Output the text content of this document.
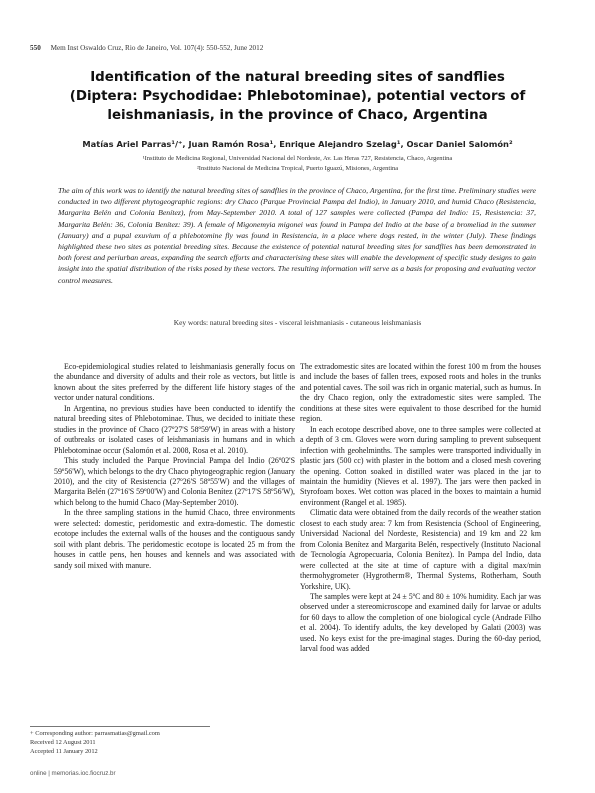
550 Mem Inst Oswaldo Cruz, Rio de Janeiro, Vol. 107(4): 550-552, June 2012
Identification of the natural breeding sites of sandflies (Diptera: Psychodidae: Phlebotominae), potential vectors of leishmaniasis, in the province of Chaco, Argentina
Matías Ariel Parras¹/⁺, Juan Ramón Rosa¹, Enrique Alejandro Szelag¹, Oscar Daniel Salomón²
¹Instituto de Medicina Regional, Universidad Nacional del Nordeste, Av. Las Heras 727, Resistencia, Chaco, Argentina
²Instituto Nacional de Medicina Tropical, Puerto Iguazú, Misiones, Argentina

The aim of this work was to identify the natural breeding sites of sandflies in the province of Chaco, Argentina, for the first time. Preliminary studies were conducted in two different phytogeographic regions: dry Chaco (Parque Provincial Pampa del Indio), in January 2010, and humid Chaco (Resistencia, Margarita Belén and Colonia Benítez), from May-September 2010. A total of 127 samples were collected (Pampa del Indio: 15, Resistencia: 37, Margarita Belén: 36, Colonia Benítez: 39). A female of Migonemyia migonei was found in Pampa del Indio at the base of a bromeliad in the summer (January) and a pupal exuvium of a phlebotomine fly was found in Resistencia, in a place where dogs rested, in the winter (July). These findings highlighted these two sites as potential breeding sites. Because the existence of potential natural breeding sites for sandflies has been demonstrated in both forest and periurban areas, expanding the search efforts and characterising these sites will enable the development of specific study designs to gain insight into the spatial distribution of the risks posed by these vectors. The resulting information will serve as a basis for proposing and evaluating vector control measures.

Key words: natural breeding sites - visceral leishmaniasis - cutaneous leishmaniasis

Eco-epidemiological studies related to leishmaniasis generally focus on the abundance and diversity of adults and their role as vectors, but little is known about the sites preferred by the different life history stages of the vector under natural conditions.

In Argentina, no previous studies have been conducted to identify the natural breeding sites of Phlebotominae. Thus, we decided to initiate these studies in the province of Chaco (27º27'S 58º59'W) in areas with a history of outbreaks or isolated cases of leishmaniasis in humans and in which Phlebotominae occur (Salomón et al. 2008, Rosa et al. 2010).

This study included the Parque Provincial Pampa del Indio (26º02'S 59º56'W), which belongs to the dry Chaco phytogeographic region (January 2010), and the city of Resistencia (27º26'S 58º55'W) and the villages of Margarita Belén (27º16'S 59º00'W) and Colonia Benítez (27º17'S 58º56'W), which belong to the humid Chaco (May-September 2010).

In the three sampling stations in the humid Chaco, three environments were selected: domestic, peridomestic and extra-domestic. The domestic ecotope includes the external walls of the houses and the contiguous sandy soil with plant debris. The peridomestic ecotope is located 25 m from the houses in cattle pens, hen houses and kennels and was associated with sandy soil mixed with manure.

The extradomestic sites are located within the forest 100 m from the houses and include the bases of fallen trees, exposed roots and holes in the trunks and potential caves. The soil was rich in organic material, such as humus. In the dry Chaco region, only the extradomestic sites were sampled. The conditions at these sites were equivalent to those described for the humid region.

In each ecotope described above, one to three samples were collected at a depth of 3 cm. Gloves were worn during sampling to prevent subsequent infection with geohelminths. The samples were transported individually in plastic jars (500 cc) with plaster in the bottom and a closed mesh covering the opening. Cotton soaked in distilled water was placed in the jar to maintain the humidity (Nieves et al. 1997). The jars were then packed in Styrofoam boxes. Wet cotton was placed in the boxes to maintain a humid environment (Rangel et al. 1985).

Climatic data were obtained from the daily records of the weather station closest to each study area: 7 km from Resistencia (School of Engineering, Universidad Nacional del Nordeste, Resistencia) and 19 km and 22 km from Colonia Benítez and Margarita Belén, respectively (Instituto Nacional de Tecnología Agropecuaria, Colonia Benítez). In Pampa del Indio, data were collected at the site at time of capture with a digital max/min thermohygrometer (Hygrotherm®, Thermal Systems, Rotherham, South Yorkshire, UK).

The samples were kept at 24 ± 5ºC and 80 ± 10% humidity. Each jar was observed under a stereomicroscope and examined daily for larvae or adults for 60 days to allow the completion of one biological cycle (Andrade Filho et al. 2004). To identify adults, the key developed by Galati (2003) was used. No keys exist for the pre-imaginal stages. During the 60-day period, larval food was added

+ Corresponding author: parrasmatias@gmail.com
Received 12 August 2011
Accepted 11 January 2012
online | memorias.ioc.fiocruz.br
